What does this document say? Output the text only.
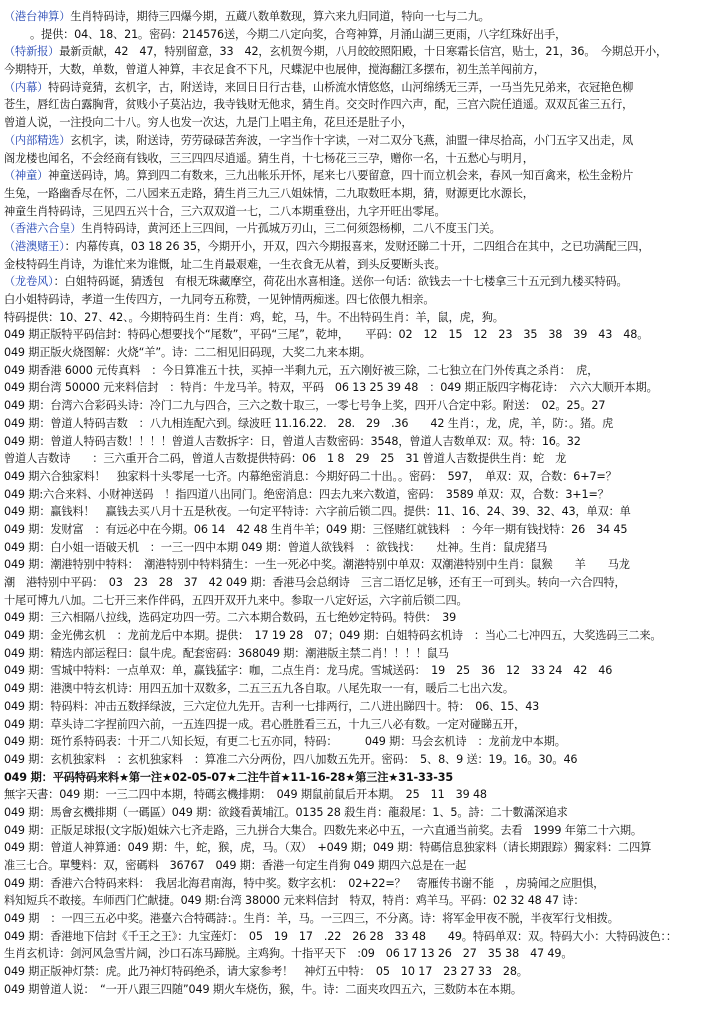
（港台神算）生肖特码诗，期待三四爆今期，五蔵八数单数现，算六来九归同道，特向一七与二九。
。提供：04、18、21。密码：214576送，今期二八定向奖，合弯神算，月涌山湖三更雨，八字红珠好出手，
（特新报）最新贡献，42　47，特别留意，33　42，玄机贺今期，八月皎皎照阳殿，十日寒霜长信宫，贴士，21，36。　今期总开小，
今期特开，大数，单数，曾道人神算，丰衣足食不下凡，尺蝶泥中也展伸，搅海翻江多摆布，初生羔羊闯前方，
（内幕）特码诗竟猜，玄机字，古，附送诗，来回日日行古巷，山桥流水情悠悠，山河绵绣无三弄，一马当先兄弟来，衣冠艳色柳
苍生，唇红齿白露胸背，贫贱小子莫沾边，我寺钱财无他求，猜生肖。交交时作四六声，配，三宫六院任逍遥。双双瓦雀三五行，
曾道人说，一注投向二十八。穷人也发一次达，九是门上唱主角，花旦还是肚子小，
（内部精选）玄机字，读，附送诗，劳劳碌碌苦奔波，一字当作十字读，一对二双分飞燕，油盟一律尽拾高，小门五字又出走，凤
阁龙楼也闻名，不会经商有钱收，三三四四尽逍遥。猜生肖，十七杨花三三孕，赠你一名，十五愁心与明月，
（神童）神童送码诗，鸠。算到四二有数来，三九出帐乐开怀，尾来七八要留意，四十而立机会来，春风一知百禽来，松生金粉片
生兔，一路幽香尽在怀，二八园来五走路，猜生肖三九三八姐妹情，二九取数旺本期，猜，财源更比水源长，
神童生肖特码诗，三见四五兴十合，三六双双道一七，二八本期重登出，九字开旺出零尾。
（香港六合皇）生肖特码诗，黄河还上三四间，一片孤城万刃山，三二何须怨杨柳，二八不度玉门关。
（港澳赌王）：内幕传真，03 18 26 35，今期开小，开双，四六今期报喜来，发财还睇二十开，二四组合在其中，之已功满配三四，
金枝特码生肖诗，为谁忙来为谁慨，址二生肖最艰难，一生衣食无从着，到头反要断头丧。
（龙卷风）：白姐特码诞，猜透包　有根无珠藏摩空，荷花出水喜相逢。送你一句话：欲钱去一十七楼拿三十五元到九楼买特码。
白小姐特码诗，孝道一生传四方，一九同夸五称赞，一见钟情两痴迷。四七依偎九相亲。
特码提供：10、27、42、。今期特码生肖：生肖：鸡，蛇，马，牛。不出特码生肖：羊，鼠，虎，狗。
049 期正版特平码信封：特码心想要找个“尾数”，平码“三尾”，乾坤，　　平码：02　12　15　12　23　35　38　39　43　48。
049 期正版火烧图解：火烧“羊”。诗：二二相见旧码现，大奖二九来本期。
049 期香港 6000 元传真料　：今日算准五十扶，买掉一半剩九元，五六刚好被三除，二七独立在门外传真之杀肖：　虎，
049 期台湾 50000 元来料信封　：特肖：牛龙马羊。特双，平码　06 13 25 39 48　：049 期正版四字梅花诗：　六六大顺开本期。
049 期：台湾六合彩码头诗：冷门二九与四合，三六之数十取三，一零七号争上奖，四开八合定中彩。附送：　02。25。27
049 期：曾道人特码吉数　：八九相连配六到。绿波旺 11.16.22.　28.　29　.36　　42 生肖：，龙，虎，羊，防：。猪。虎
049 期：曾道人特码吉数！！！！曾道人吉数拆字：日，曾道人吉数密码：3548，曾道人吉数单双：双。特：16。32
曾道人吉数诗　　：三六重开合二码，曾道人吉数提供特码：06　1 8　29　25　31 曾道人吉数提供生肖：蛇　龙
049 期六合独家料！　独家料十头零尾一七齐。内幕绝密消息：今期好码二十出。。密码：　597，　单双：双，合数：6+7=？
049 期:六合来料、小财神送码　！指四道八出同门。绝密消息：四去九来六数道，密码：　3589 单双：双，合数：3+1=？
049 期：赢钱料！　赢钱去买八月十五是秋夜。一句定平特诗：六字前后锁二四。提供：11、16、24、39、32、43，单双：单
049 期：发财富　：有远必中在今期。06 14　42 48 生肖牛羊；049 期：三怪赌红就钱料　：今年一期有钱找特：26　34 45
049 期：白小姐一语破天机　：一三一四中本期 049 期：曾道人欲钱料　：欲钱找：　　灶神。生肖：鼠虎猪马
049 期：潮港特别中特料：　潮港特别中特料猜生：一生一死必中奖。潮港特别中单双：双潮港特别中生肖：鼠猴　　羊　　马龙
潮　港特别中平码：　03　23　28　37　42 049 期：香港马会总纲诗　三言二语忆足够，还有王一可到头。转向一六合四特，
十尾可博九八加。二七开三来作伴码，五四开双开九来中。参取一八定好运，六字前后锁二四。
049 期：三六相隔八拉线，选码定功四一劳。二六本期合数码，五七绝妙定特码。特供：　39
049 期：金光佛玄机　：龙前龙后中本期。提供：　17 19 28　07；049 期：白姐特码玄机诗　：当心二七冲四五，大奖选码三二来。
049 期：精选内部运程曰：鼠牛虎。配套密码：368049 期：潮港版主禁二肖！！！！鼠马
049 期：雪城中特料：一点单双：单，赢钱猛字：咖，二点生肖：龙马虎。雪城送码：　19　25　36　12　33 24　42　46
049 期：港澳中特玄机诗：用四五加十双数多，二五三五九各自取。八尾先取一一有，暖后二七出六发。
049 期：特码料：冲击五数择绿波，三六定位九先开。吉利一七排两行，二八进出睇四十。特：　06、15、43
049 期：草头诗二字捏前四六前，一五连四提一成。君心胜胜看三五，十九三八必有数。一定对碰睇五开，
049 期：斑竹系特码表：十开二八知长短，有更二七五亦同，特码：　　　049 期：马会玄机诗　：龙前龙中本期。
049 期：玄机独家料　：玄机独家料　：算准二六分两份，四八加数五先开。密码：　5、8、9 送：19。16。30。46
049 期：平码特码来料★第一注★02-05-07★二注牛首★11-16-28★第三注★31-33-35
無字天書：049 期：一三二四中本期，特碼玄機排期：　049 期鼠前鼠后开本期。　25　11　39 48
049 期：馬會玄機排期（一碼區）049 期：欲錢看黃埔江。0135 28 殺生肖：龍殺尾：1、5。詩：二十數滿深追求
049 期：正版足球报(文字版)姐妹六七齐走路，三九拼合大集合。四数先来必中五，一六直通当前奖。去看　1999 年第二十六期。
049 期：曾道人神算通：049 期：牛，蛇，猴，虎，马。（双）　+049 期；049 期：特碼信息独家料（请长期跟踪）獨家料：二四算
准三七合。單雙料：双，密碼料　36767　049 期：香港一句定生肖狗 049 期四六总是在一起
049 期：香港六合特码来料：　我居北海君南海，特中奖。数字玄机：　02+22=？　寄雁传书谢不能　，房骑闻之应胆惧，
料知短兵不敢接。车师西门伫献捷。049 期:台湾 38000 元来料信封　特双，特肖：鸡羊马。平码：02 32 48 47 诗：
049 期　：一四三五必中奖。港臺六合特碼詩：。生肖：羊，马。一三四三，不分离。诗：将军金甲夜不脱，半夜军行戈相拨。
049 期：香港地下信封《千王之王》：九宝莲灯：　05　19　17　.22　26 28　33 48　　49。特码单双：双。特码大小：大特码波色：：
生肖玄机诗：剑河风急雪片阔，沙口石冻马蹄脱。主鸡狗。十指平天下　:09　06 17 13 26　27　35 38　47 49。
049 期正版神灯禁：虎。此乃神灯特码绝杀，请大家参考！　神灯五中特：　05　10 17　23 27 33　28。
049 期曾道人说：　“一开八跟三四随”049 期火车烧伤，猴，牛。诗：二面夹攻四五六，三数防本在本期。
